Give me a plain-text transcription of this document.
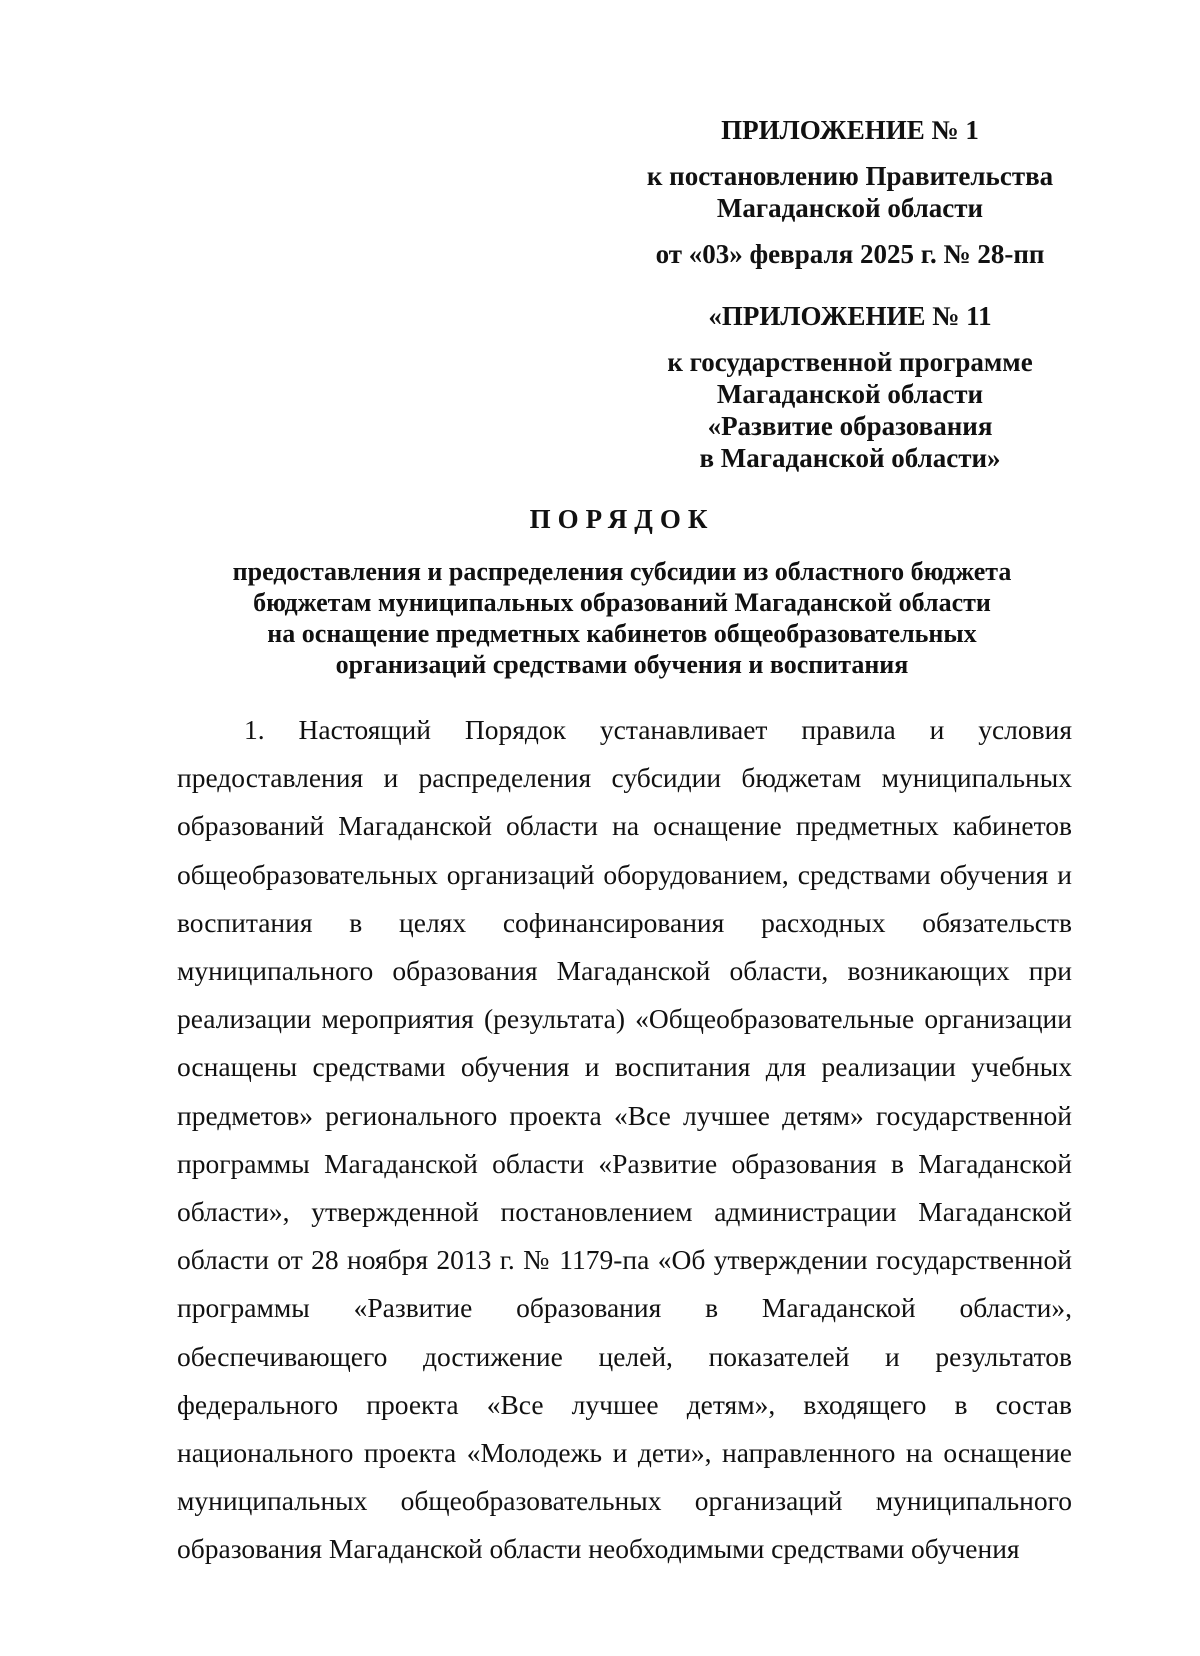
ПРИЛОЖЕНИЕ № 1
к постановлению Правительства
Магаданской области
от «03» февраля 2025 г. № 28-пп
«ПРИЛОЖЕНИЕ № 11
к государственной программе
Магаданской области
«Развитие образования
в Магаданской области»
ПОРЯДОК
предоставления и распределения субсидии из областного бюджета
бюджетам муниципальных образований Магаданской области
на оснащение предметных кабинетов общеобразовательных
организаций средствами обучения и воспитания

1. Настоящий Порядок устанавливает правила и условия предоставления и распределения субсидии бюджетам муниципальных образований Магаданской области на оснащение предметных кабинетов общеобразовательных организаций оборудованием, средствами обучения и воспитания в целях софинансирования расходных обязательств муниципального образования Магаданской области, возникающих при реализации мероприятия (результата) «Общеобразовательные организации оснащены средствами обучения и воспитания для реализации учебных предметов» регионального проекта «Все лучшее детям» государственной программы Магаданской области «Развитие образования в Магаданской области», утвержденной постановлением администрации Магаданской области от 28 ноября 2013 г. № 1179-па «Об утверждении государственной программы «Развитие образования в Магаданской области», обеспечивающего достижение целей, показателей и результатов федерального проекта «Все лучшее детям», входящего в состав национального проекта «Молодежь и дети», направленного на оснащение муниципальных общеобразовательных организаций муниципального образования Магаданской области необходимыми средствами обучения
